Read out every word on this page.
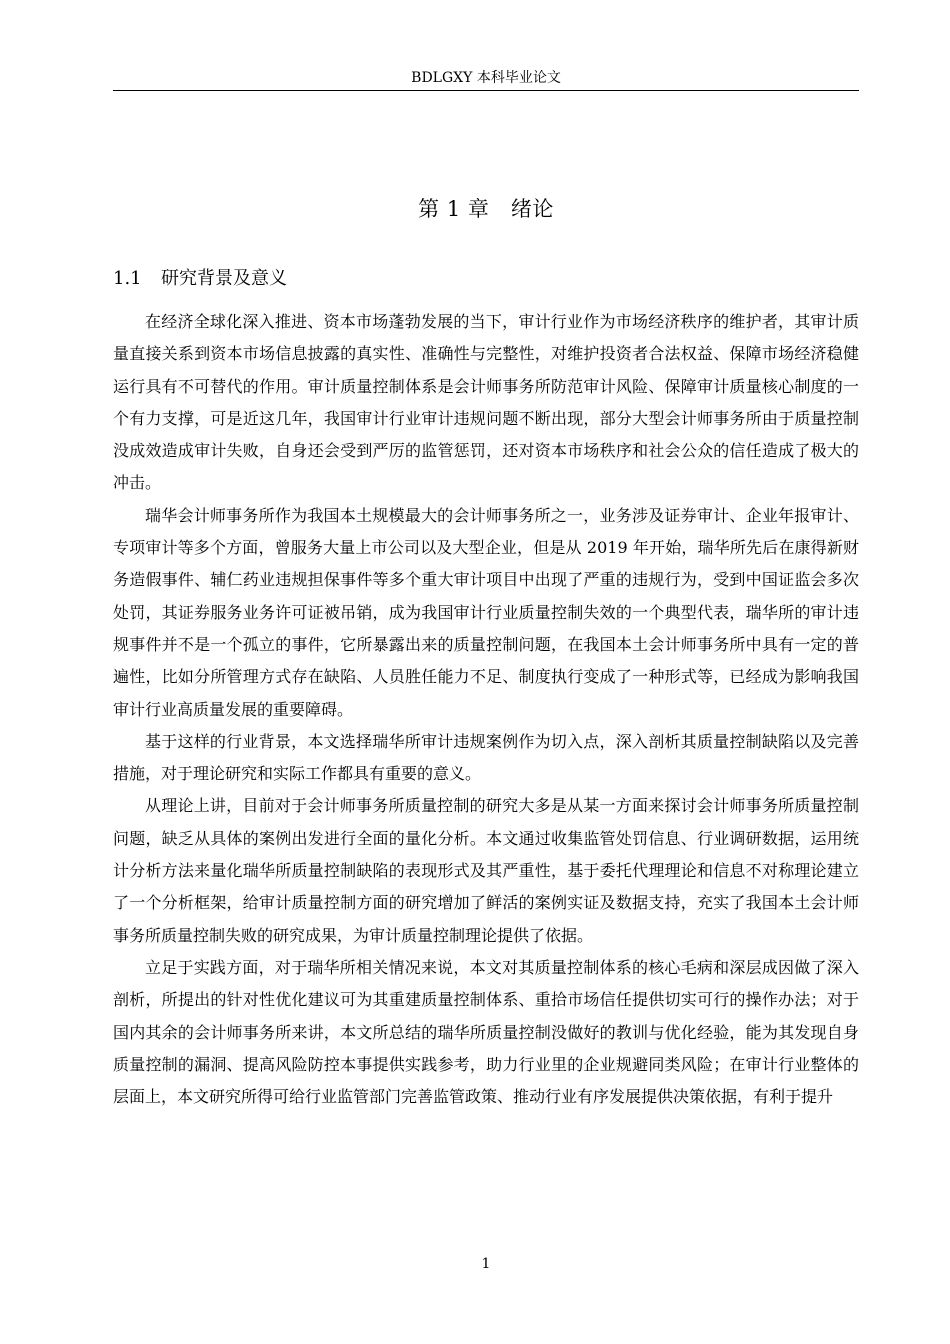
BDLGXY 本科毕业论文
第 1 章　绪论
1.1 研究背景及意义

在经济全球化深入推进、资本市场蓬勃发展的当下，审计行业作为市场经济秩序的维护者，其审计质量直接关系到资本市场信息披露的真实性、准确性与完整性，对维护投资者合法权益、保障市场经济稳健运行具有不可替代的作用。审计质量控制体系是会计师事务所防范审计风险、保障审计质量核心制度的一个有力支撑，可是近这几年，我国审计行业审计违规问题不断出现，部分大型会计师事务所由于质量控制没成效造成审计失败，自身还会受到严厉的监管惩罚，还对资本市场秩序和社会公众的信任造成了极大的冲击。

瑞华会计师事务所作为我国本土规模最大的会计师事务所之一，业务涉及证券审计、企业年报审计、专项审计等多个方面，曾服务大量上市公司以及大型企业，但是从 2019 年开始，瑞华所先后在康得新财务造假事件、辅仁药业违规担保事件等多个重大审计项目中出现了严重的违规行为，受到中国证监会多次处罚，其证券服务业务许可证被吊销，成为我国审计行业质量控制失效的一个典型代表，瑞华所的审计违规事件并不是一个孤立的事件，它所暴露出来的质量控制问题，在我国本土会计师事务所中具有一定的普遍性，比如分所管理方式存在缺陷、人员胜任能力不足、制度执行变成了一种形式等，已经成为影响我国审计行业高质量发展的重要障碍。

基于这样的行业背景，本文选择瑞华所审计违规案例作为切入点，深入剖析其质量控制缺陷以及完善措施，对于理论研究和实际工作都具有重要的意义。

从理论上讲，目前对于会计师事务所质量控制的研究大多是从某一方面来探讨会计师事务所质量控制问题，缺乏从具体的案例出发进行全面的量化分析。本文通过收集监管处罚信息、行业调研数据，运用统计分析方法来量化瑞华所质量控制缺陷的表现形式及其严重性，基于委托代理理论和信息不对称理论建立了一个分析框架，给审计质量控制方面的研究增加了鲜活的案例实证及数据支持，充实了我国本土会计师事务所质量控制失败的研究成果，为审计质量控制理论提供了依据。

立足于实践方面，对于瑞华所相关情况来说，本文对其质量控制体系的核心毛病和深层成因做了深入剖析，所提出的针对性优化建议可为其重建质量控制体系、重拾市场信任提供切实可行的操作办法；对于国内其余的会计师事务所来讲，本文所总结的瑞华所质量控制没做好的教训与优化经验，能为其发现自身质量控制的漏洞、提高风险防控本事提供实践参考，助力行业里的企业规避同类风险；在审计行业整体的层面上，本文研究所得可给行业监管部门完善监管政策、推动行业有序发展提供决策依据，有利于提升

1
